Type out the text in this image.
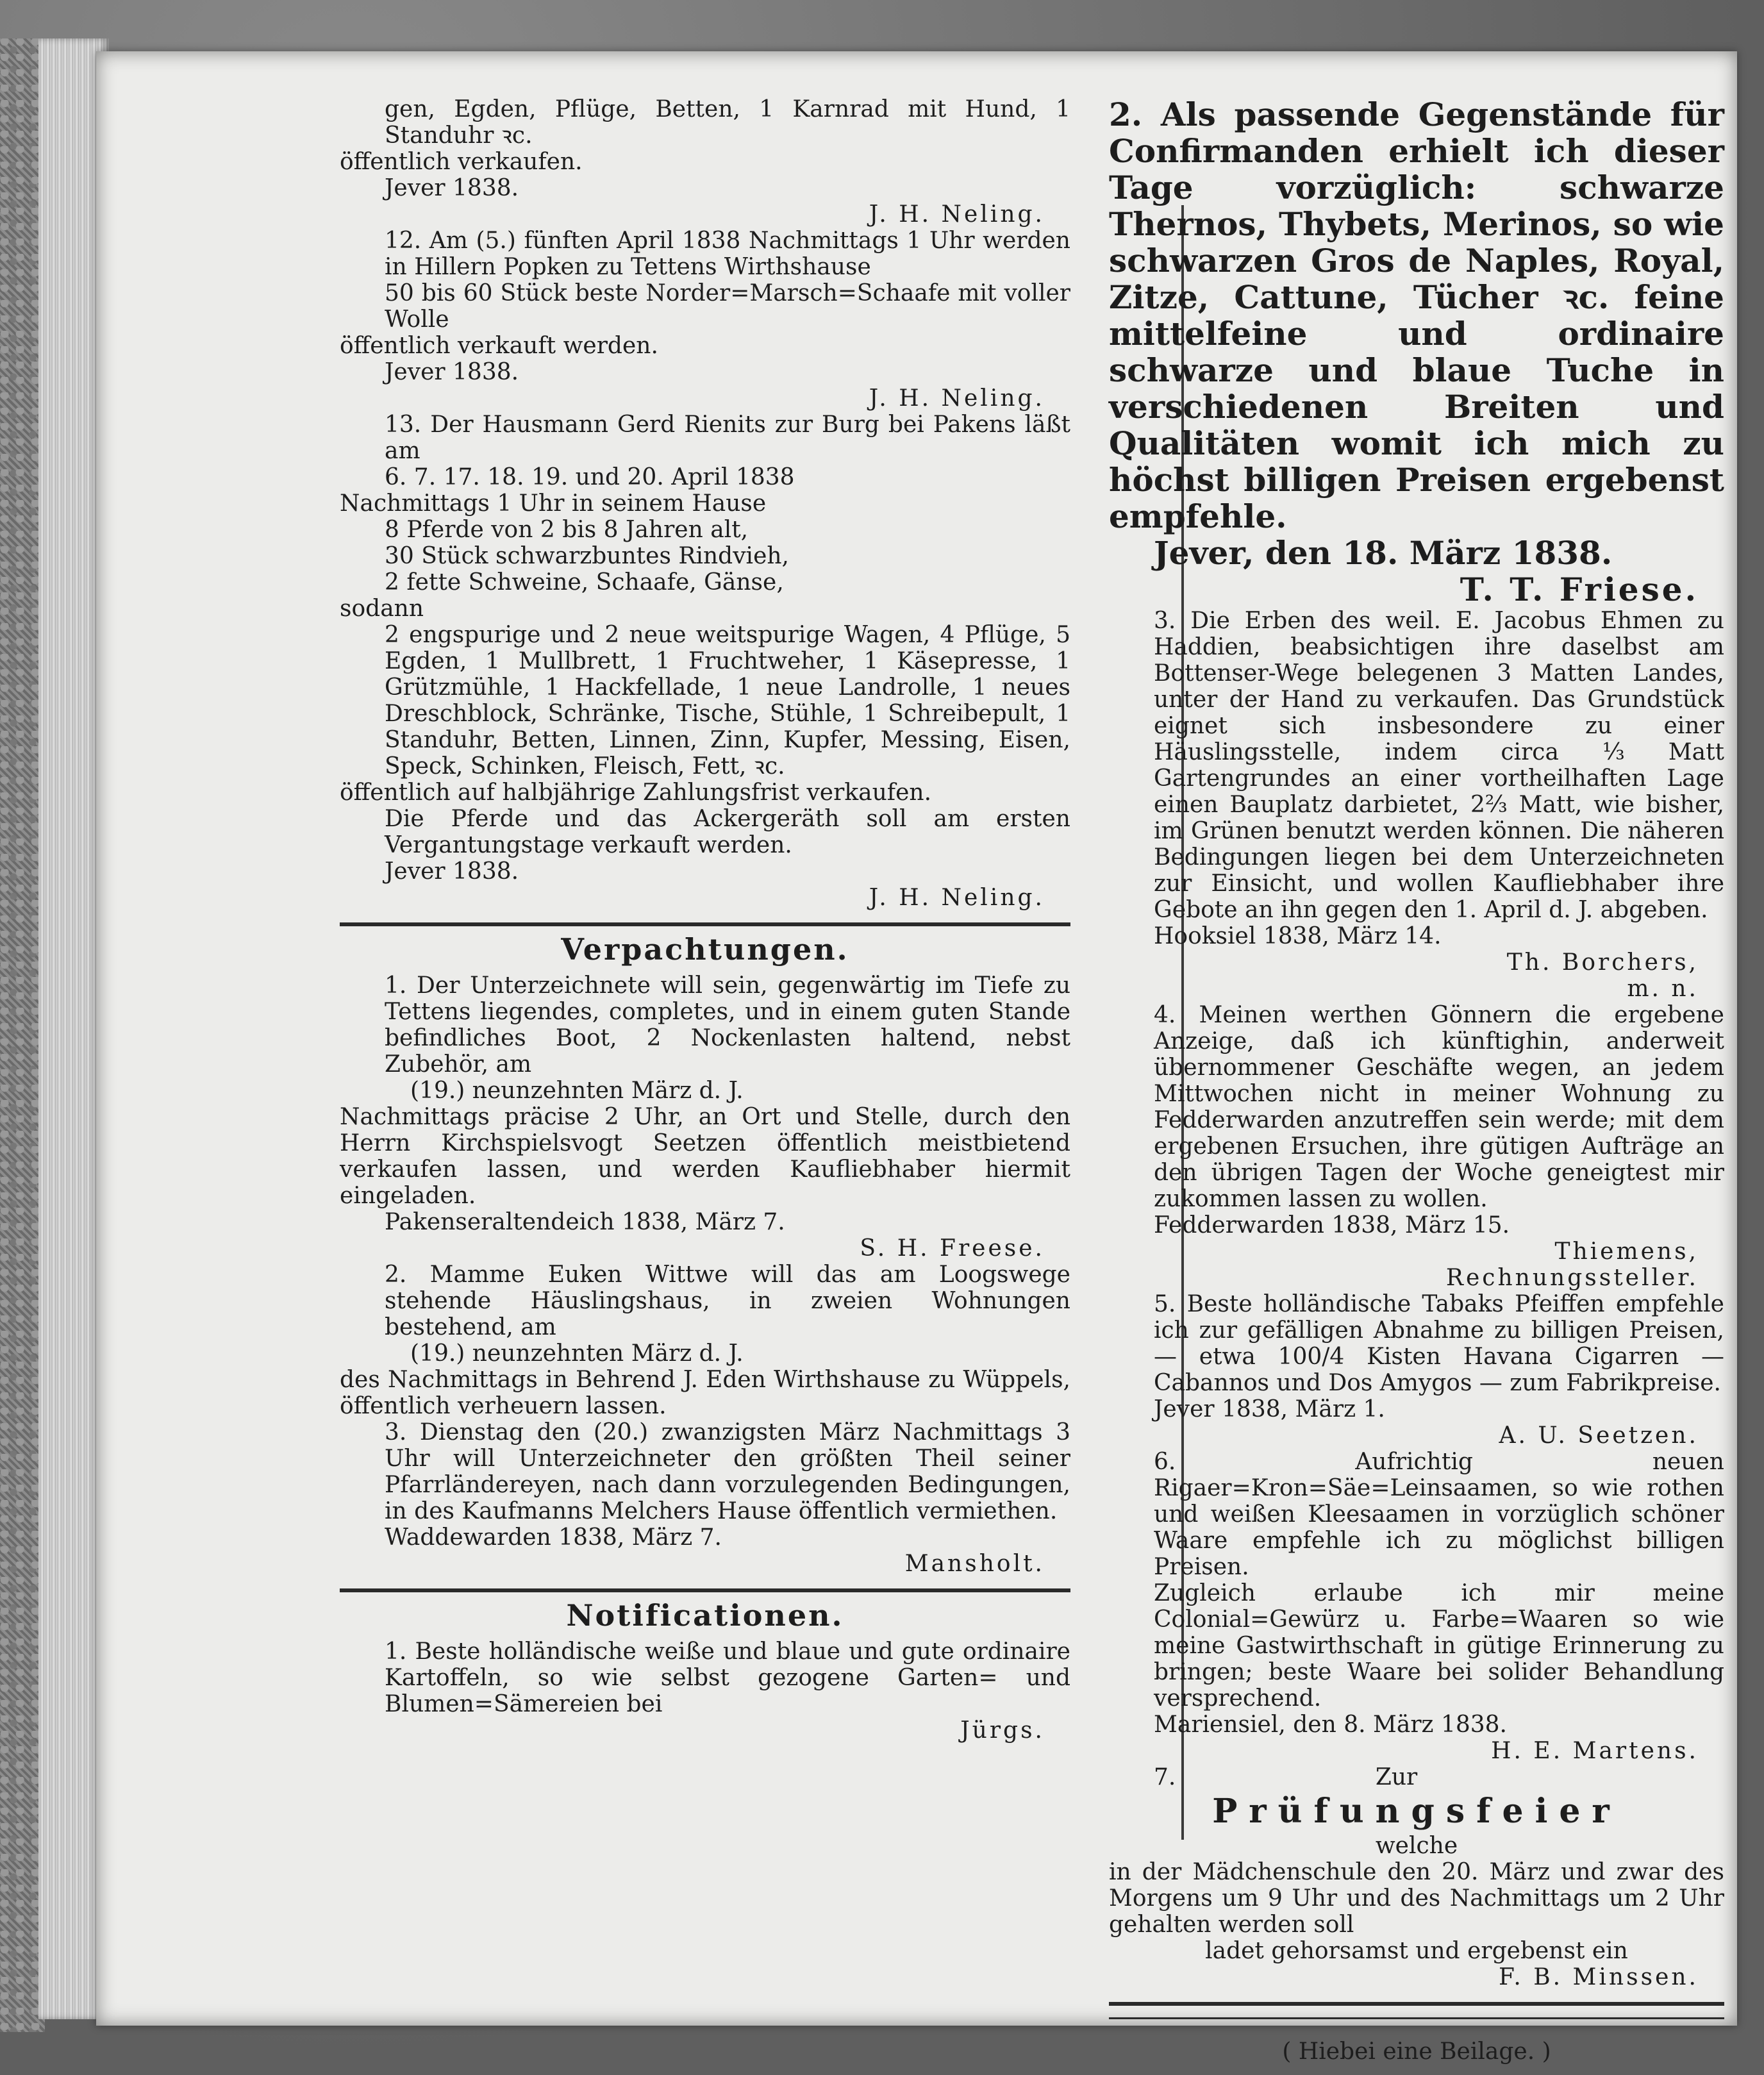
gen, Egden, Pflüge, Betten, 1 Karnrad mit Hund, 1 Standuhr ꝛc.

öffentlich verkaufen.

Jever 1838.

J. H. Neling.

12. Am (5.) fünften April 1838 Nachmittags 1 Uhr werden in Hillern Popken zu Tettens Wirthshause

50 bis 60 Stück beste Norder=Marsch=Schaafe mit voller Wolle

öffentlich verkauft werden.

Jever 1838.

J. H. Neling.

13. Der Hausmann Gerd Rienits zur Burg bei Pakens läßt am

6. 7. 17. 18. 19. und 20. April 1838

Nachmittags 1 Uhr in seinem Hause

8 Pferde von 2 bis 8 Jahren alt,

30 Stück schwarzbuntes Rindvieh,

2 fette Schweine, Schaafe, Gänse,

sodann

2 engspurige und 2 neue weitspurige Wagen, 4 Pflüge, 5 Egden, 1 Mullbrett, 1 Fruchtweher, 1 Käsepresse, 1 Grützmühle, 1 Hackfellade, 1 neue Landrolle, 1 neues Dreschblock, Schränke, Tische, Stühle, 1 Schreibepult, 1 Standuhr, Betten, Linnen, Zinn, Kupfer, Messing, Eisen, Speck, Schinken, Fleisch, Fett, ꝛc.

öffentlich auf halbjährige Zahlungsfrist verkaufen.

Die Pferde und das Ackergeräth soll am ersten Vergantungstage verkauft werden.

Jever 1838.

J. H. Neling.

Verpachtungen.

1. Der Unterzeichnete will sein, gegenwärtig im Tiefe zu Tettens liegendes, completes, und in einem guten Stande befindliches Boot, 2 Nockenlasten haltend, nebst Zubehör, am

(19.) neunzehnten März d. J.

Nachmittags präcise 2 Uhr, an Ort und Stelle, durch den Herrn Kirchspielsvogt Seetzen öffentlich meistbietend verkaufen lassen, und werden Kaufliebhaber hiermit eingeladen.

Pakenseraltendeich 1838, März 7.

S. H. Freese.

2. Mamme Euken Wittwe will das am Loogswege stehende Häuslingshaus, in zweien Wohnungen bestehend, am

(19.) neunzehnten März d. J.

des Nachmittags in Behrend J. Eden Wirthshause zu Wüppels, öffentlich verheuern lassen.

3. Dienstag den (20.) zwanzigsten März Nachmittags 3 Uhr will Unterzeichneter den größten Theil seiner Pfarrländereyen, nach dann vorzulegenden Bedingungen, in des Kaufmanns Melchers Hause öffentlich vermiethen.

Waddewarden 1838, März 7.

Mansholt.

Notificationen.

1. Beste holländische weiße und blaue und gute ordinaire Kartoffeln, so wie selbst gezogene Garten= und Blumen=Sämereien bei

Jürgs.

2. Als passende Gegenstände für Confirmanden erhielt ich dieser Tage vorzüglich: schwarze Thernos, Thybets, Merinos, so wie schwarzen Gros de Naples, Royal, Zitze, Cattune, Tücher ꝛc. feine mittelfeine und ordinaire schwarze und blaue Tuche in verschiedenen Breiten und Qualitäten womit ich mich zu höchst billigen Preisen ergebenst empfehle.

Jever, den 18. März 1838.

T. T. Friese.

3. Die Erben des weil. E. Jacobus Ehmen zu Haddien, beabsichtigen ihre daselbst am Bottenser-Wege belegenen 3 Matten Landes, unter der Hand zu verkaufen. Das Grundstück eignet sich insbesondere zu einer Häuslingsstelle, indem circa ⅓ Matt Gartengrundes an einer vortheilhaften Lage einen Bauplatz darbietet, 2⅔ Matt, wie bisher, im Grünen benutzt werden können. Die näheren Bedingungen liegen bei dem Unterzeichneten zur Einsicht, und wollen Kaufliebhaber ihre Gebote an ihn gegen den 1. April d. J. abgeben.

Hooksiel 1838, März 14.

Th. Borchers,

m. n.

4. Meinen werthen Gönnern die ergebene Anzeige, daß ich künftighin, anderweit übernommener Geschäfte wegen, an jedem Mittwochen nicht in meiner Wohnung zu Fedderwarden anzutreffen sein werde; mit dem ergebenen Ersuchen, ihre gütigen Aufträge an den übrigen Tagen der Woche geneigtest mir zukommen lassen zu wollen.

Fedderwarden 1838, März 15.

Thiemens,

Rechnungssteller.

5. Beste holländische Tabaks Pfeiffen empfehle ich zur gefälligen Abnahme zu billigen Preisen, — etwa 100/4 Kisten Havana Cigarren — Cabannos und Dos Amygos — zum Fabrikpreise.

Jever 1838, März 1.

A. U. Seetzen.

6. Aufrichtig neuen Rigaer=Kron=Säe=Leinsaamen, so wie rothen und weißen Kleesaamen in vorzüglich schöner Waare empfehle ich zu möglichst billigen Preisen.

Zugleich erlaube ich mir meine Colonial=Gewürz u. Farbe=Waaren so wie meine Gastwirthschaft in gütige Erinnerung zu bringen; beste Waare bei solider Behandlung versprechend.

Mariensiel, den 8. März 1838.

H. E. Martens.

7.	Zur

Prüfungsfeier

welche

in der Mädchenschule den 20. März und zwar des Morgens um 9 Uhr und des Nachmittags um 2 Uhr gehalten werden soll

ladet gehorsamst und ergebenst ein

F. B. Minssen.

( Hiebei eine Beilage. )
